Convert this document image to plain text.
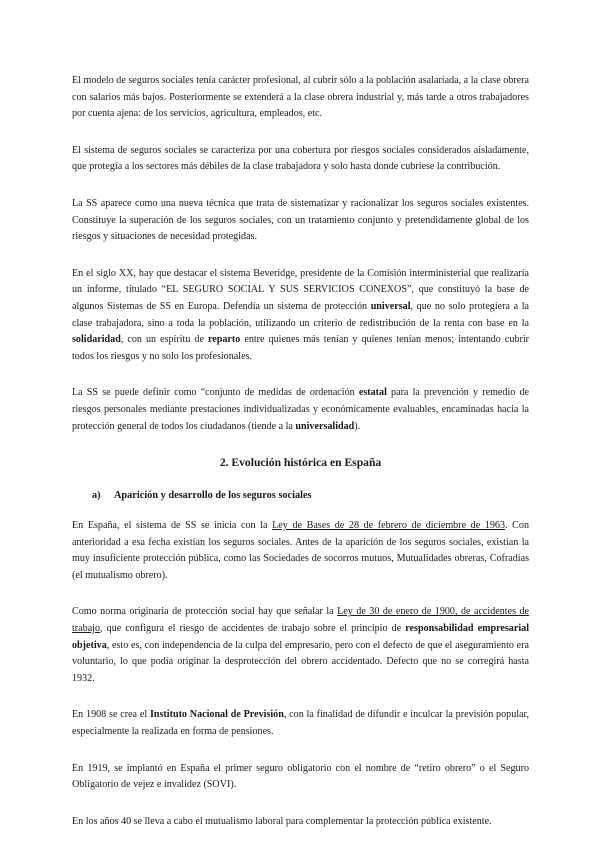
El modelo de seguros sociales tenía carácter profesional, al cubrir sólo a la población asalariada, a la clase obrera con salarios más bajos. Posteriormente se extenderá a la clase obrera industrial y, más tarde a otros trabajadores por cuenta ajena: de los servicios, agricultura, empleados, etc.

El sistema de seguros sociales se caracteriza por una cobertura por riesgos sociales considerados aisladamente, que protegía a los sectores más débiles de la clase trabajadora y solo hasta donde cubriese la contribución.

La SS aparece como una nueva técnica que trata de sistematizar y racionalizar los seguros sociales existentes. Constituye la superación de los seguros sociales, con un tratamiento conjunto y pretendidamente global de los riesgos y situaciones de necesidad protegidas.

En el siglo XX, hay que destacar el sistema Beveridge, presidente de la Comisión interministerial que realizaría un informe, titulado “EL SEGURO SOCIAL Y SUS SERVICIOS CONEXOS”, que constituyó la base de algunos Sistemas de SS en Europa. Defendía un sistema de protección universal, que no solo protegiera a la clase trabajadora, sino a toda la población, utilizando un criterio de redistribución de la renta con base en la solidaridad, con un espíritu de reparto entre quienes más tenían y quienes tenían menos; intentando cubrir todos los riesgos y no solo los profesionales.

La SS se puede definir como “conjunto de medidas de ordenación estatal para la prevención y remedio de riesgos personales mediante prestaciones individualizadas y económicamente evaluables, encaminadas hacia la protección general de todos los ciudadanos (tiende a la universalidad).

2. Evolución histórica en España
a) Aparición y desarrollo de los seguros sociales

En España, el sistema de SS se inicia con la Ley de Bases de 28 de febrero de diciembre de 1963. Con anterioridad a esa fecha existían los seguros sociales. Antes de la aparición de los seguros sociales, existían la muy insuficiente protección pública, como las Sociedades de socorros mutuos, Mutualidades obreras, Cofradías (el mutualismo obrero).

Como norma originaria de protección social hay que señalar la Ley de 30 de enero de 1900, de accidentes de trabajo, que configura el riesgo de accidentes de trabajo sobre el principio de responsabilidad empresarial objetiva, esto es, con independencia de la culpa del empresario, pero con el defecto de que el aseguramiento era voluntario, lo que podía originar la desprotección del obrero accidentado. Defecto que no se corregirá hasta 1932.

En 1908 se crea el Instituto Nacional de Previsión, con la finalidad de difundir e inculcar la previsión popular, especialmente la realizada en forma de pensiones.

En 1919, se implantó en España el primer seguro obligatorio con el nombre de “retiro obrero” o el Seguro Obligatorio de vejez e invalidez (SOVI).

En los años 40 se lleva a cabo el mutualismo laboral para complementar la protección pública existente.
